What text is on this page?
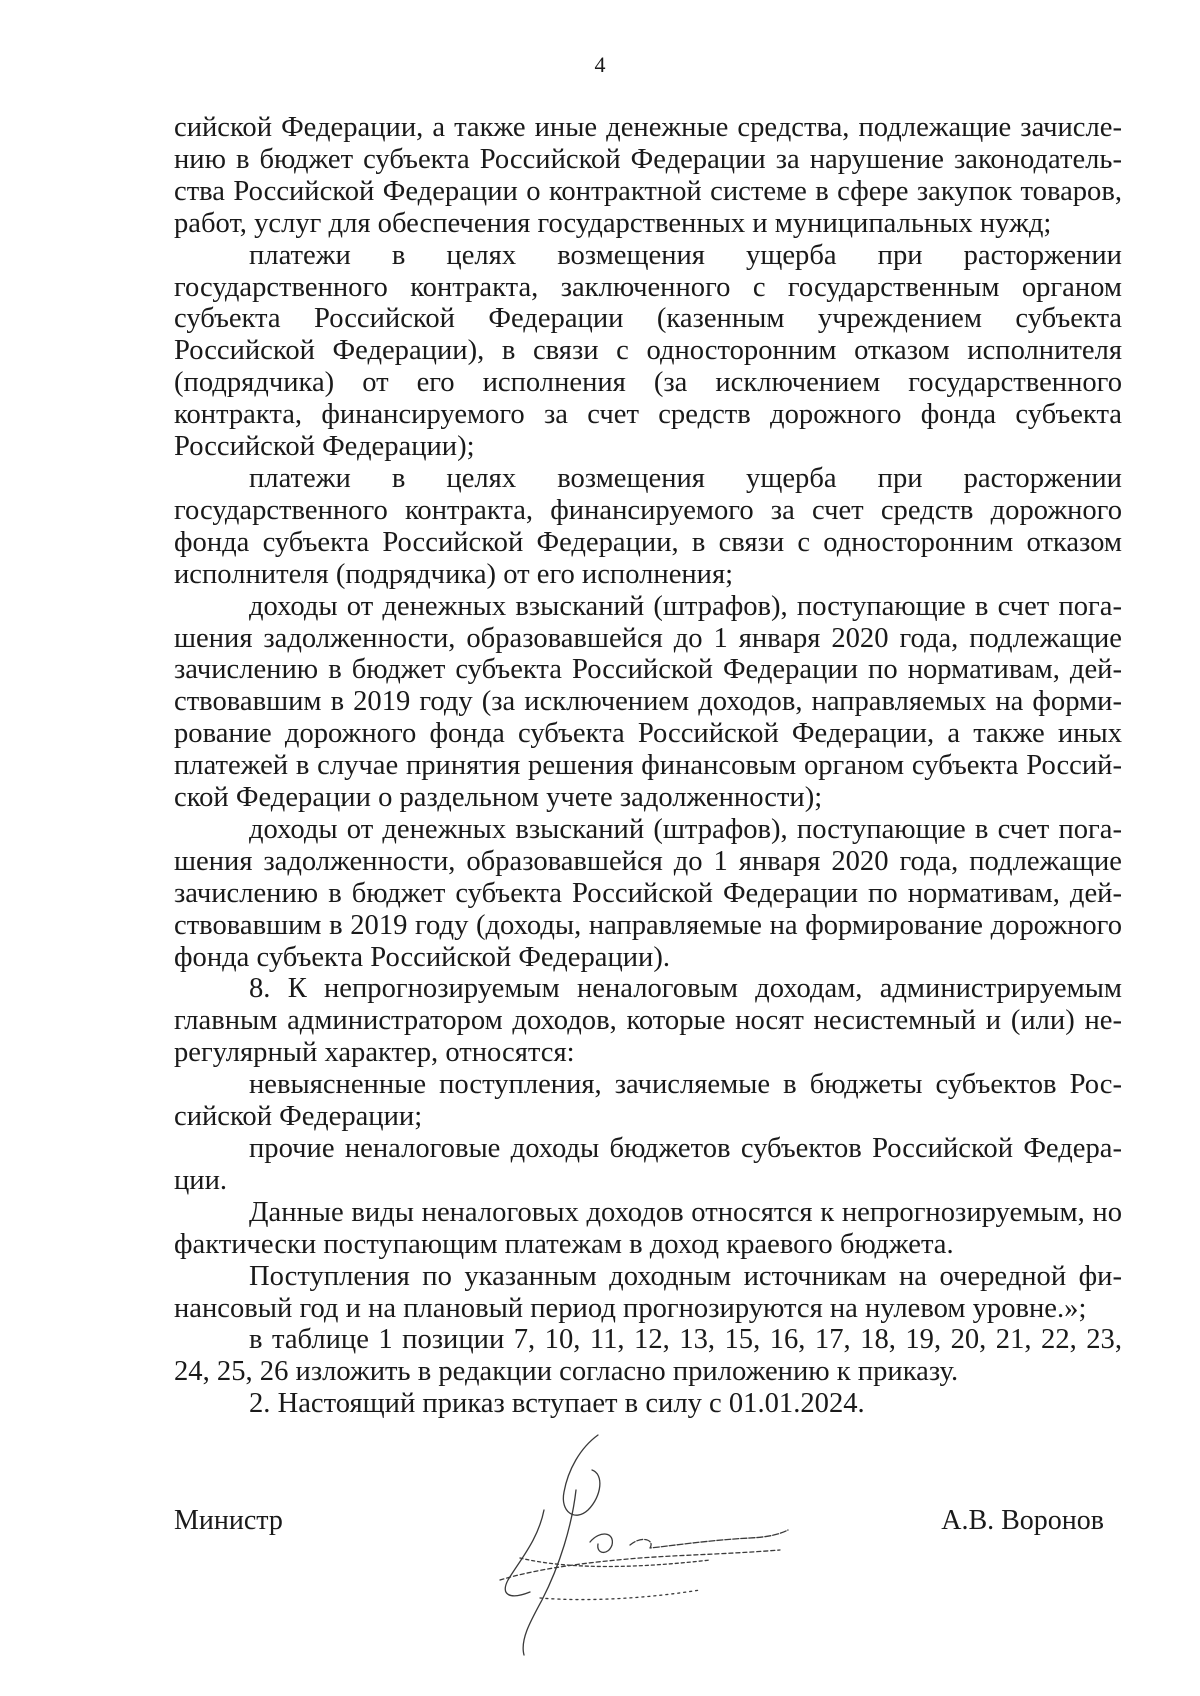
4

сийской Федерации, а также иные денежные средства, подлежащие зачислению в бюджет субъекта Российской Федерации за нарушение законодательства Российской Федерации о контрактной системе в сфере закупок товаров, работ, услуг для обеспечения государственных и муниципальных нужд;

платежи в целях возмещения ущерба при расторжении государственного контракта, заключенного с государственным органом субъекта Российской Федерации (казенным учреждением субъекта Российской Федерации), в связи с односторонним отказом исполнителя (подрядчика) от его исполнения (за исключением государственного контракта, финансируемого за счет средств дорожного фонда субъекта Российской Федерации);

платежи в целях возмещения ущерба при расторжении государственного контракта, финансируемого за счет средств дорожного фонда субъекта Российской Федерации, в связи с односторонним отказом исполнителя (подрядчика) от его исполнения;

доходы от денежных взысканий (штрафов), поступающие в счет погашения задолженности, образовавшейся до 1 января 2020 года, подлежащие зачислению в бюджет субъекта Российской Федерации по нормативам, действовавшим в 2019 году (за исключением доходов, направляемых на формирование дорожного фонда субъекта Российской Федерации, а также иных платежей в случае принятия решения финансовым органом субъекта Российской Федерации о раздельном учете задолженности);

доходы от денежных взысканий (штрафов), поступающие в счет погашения задолженности, образовавшейся до 1 января 2020 года, подлежащие зачислению в бюджет субъекта Российской Федерации по нормативам, действовавшим в 2019 году (доходы, направляемые на формирование дорожного фонда субъекта Российской Федерации).

8. К непрогнозируемым неналоговым доходам, администрируемым главным администратором доходов, которые носят несистемный и (или) нерегулярный характер, относятся:

невыясненные поступления, зачисляемые в бюджеты субъектов Российской Федерации;

прочие неналоговые доходы бюджетов субъектов Российской Федерации.

Данные виды неналоговых доходов относятся к непрогнозируемым, но фактически поступающим платежам в доход краевого бюджета.

Поступления по указанным доходным источникам на очередной финансовый год и на плановый период прогнозируются на нулевом уровне.»;

в таблице 1 позиции 7, 10, 11, 12, 13, 15, 16, 17, 18, 19, 20, 21, 22, 23, 24, 25, 26 изложить в редакции согласно приложению к приказу.

2. Настоящий приказ вступает в силу с 01.01.2024.

Министр	А.В. Воронов
